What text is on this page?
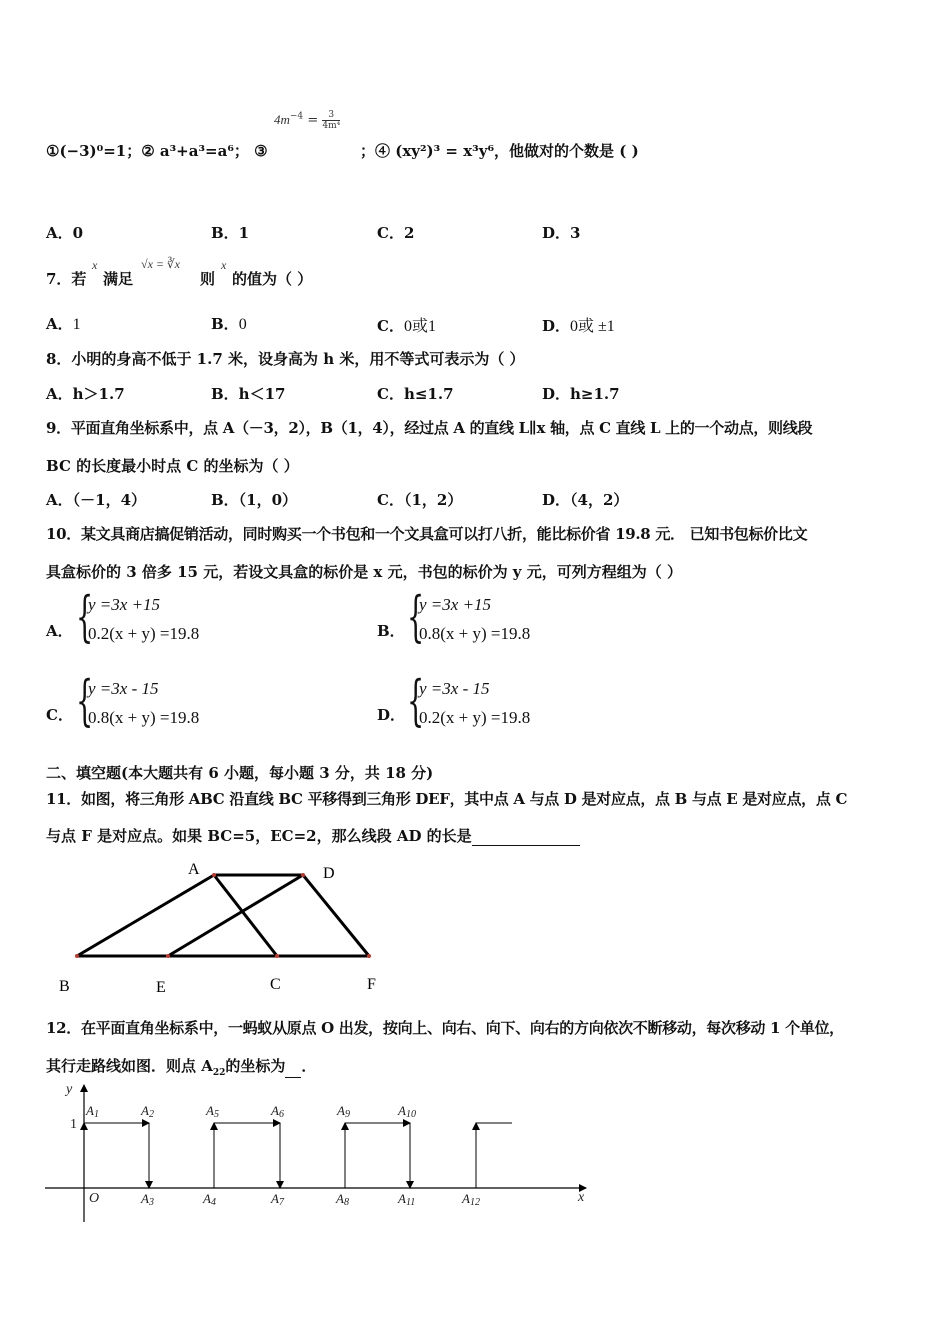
$4m^{-4} = \frac{3}{\text{4m⁴}}$
①(−3)⁰=1；② a³+a³=a⁶； ③	；④ (xy²)³ = x³y⁶，他做对的个数是 ( )
A．0	B．1	C．2	D．3
7．若
x
满足
√x = ∛x
则
x
的值为（ ）
A．1	B．0	C．0或1	D．0或 ±1
8．小明的身高不低于 1.7 米，设身高为 h 米，用不等式可表示为（ ）
A．h＞1.7	B．h＜17	C．h≤1.7	D．h≥1.7
9．平面直角坐标系中，点 A（－3，2），B（1，4），经过点 A 的直线 L∥x 轴，点 C 直线 L 上的一个动点，则线段
BC 的长度最小时点 C 的坐标为（ ）
A．（－1，4）	B．（1，0）	C．（1，2）	D．（4，2）
10．某文具商店搞促销活动，同时购买一个书包和一个文具盒可以打八折，能比标价省 19.8 元． 已知书包标价比文
具盒标价的 3 倍多 15 元，若设文具盒的标价是 x 元，书包的标价为 y 元，可列方程组为（ ）
A． {
y =3x +15
0.2(x + y) =19.8	B． {
y =3x +15
0.8(x + y) =19.8
C． {
y =3x - 15
0.8(x + y) =19.8	D． {
y =3x - 15
0.2(x + y) =19.8
二、填空题(本大题共有 6 小题，每小题 3 分，共 18 分)
11．如图，将三角形 ABC 沿直线 BC 平移得到三角形 DEF，其中点 A 与点 D 是对应点，点 B 与点 E 是对应点，点 C
与点 F 是对应点。如果 BC=5，EC=2，那么线段 AD 的长是
A	D
B	E	C	F
12．在平面直角坐标系中，一蚂蚁从原点 O 出发，按向上、向右、向下、向右的方向依次不断移动，每次移动 1 个单位，
其行走路线如图．则点 $A_{22}$的坐标为 ．
y
x
O
1
A1	A2
A3	A4
A5	A6
A7	A8
A9	A10
A11	A12
